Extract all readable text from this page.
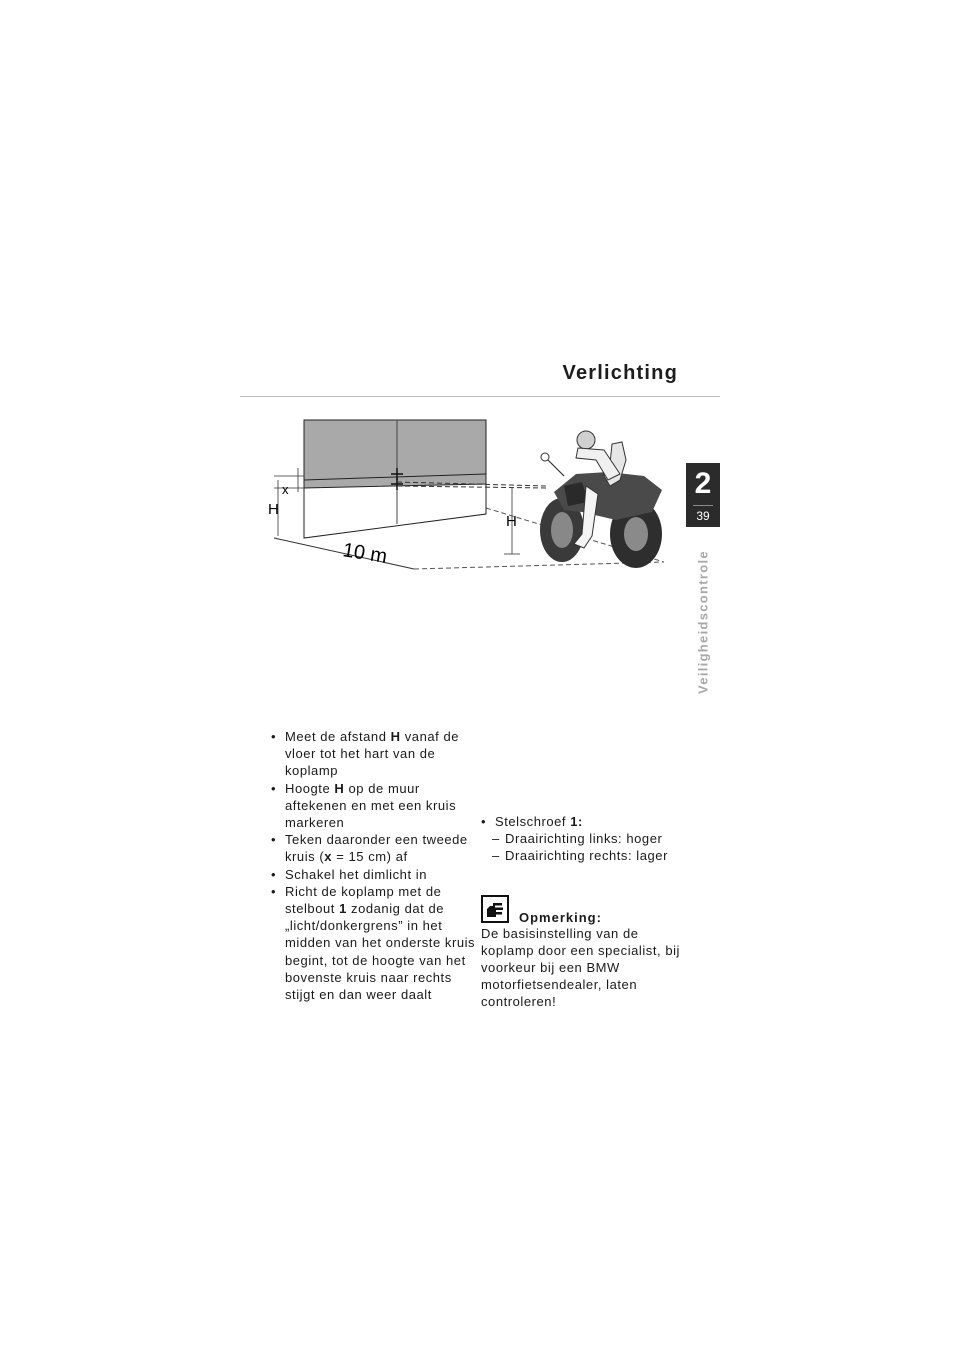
Verlichting
2
39
Veiligheidscontrole
x
H
H
10 m
• Meet de afstand H vanaf de vloer tot het hart van de koplamp
• Hoogte H op de muur aftekenen en met een kruis markeren
• Teken daaronder een tweede kruis (x = 15 cm) af
• Schakel het dimlicht in
• Richt de koplamp met de stelbout 1 zodanig dat de „licht/donkergrens” in het midden van het onderste kruis begint, tot de hoogte van het bovenste kruis naar rechts stijgt en dan weer daalt
• Stelschroef 1:
– Draairichting links: hoger
– Draairichting rechts: lager
Opmerking:
De basisinstelling van de koplamp door een specialist, bij voorkeur bij een BMW motorfietsendealer, laten controleren!
